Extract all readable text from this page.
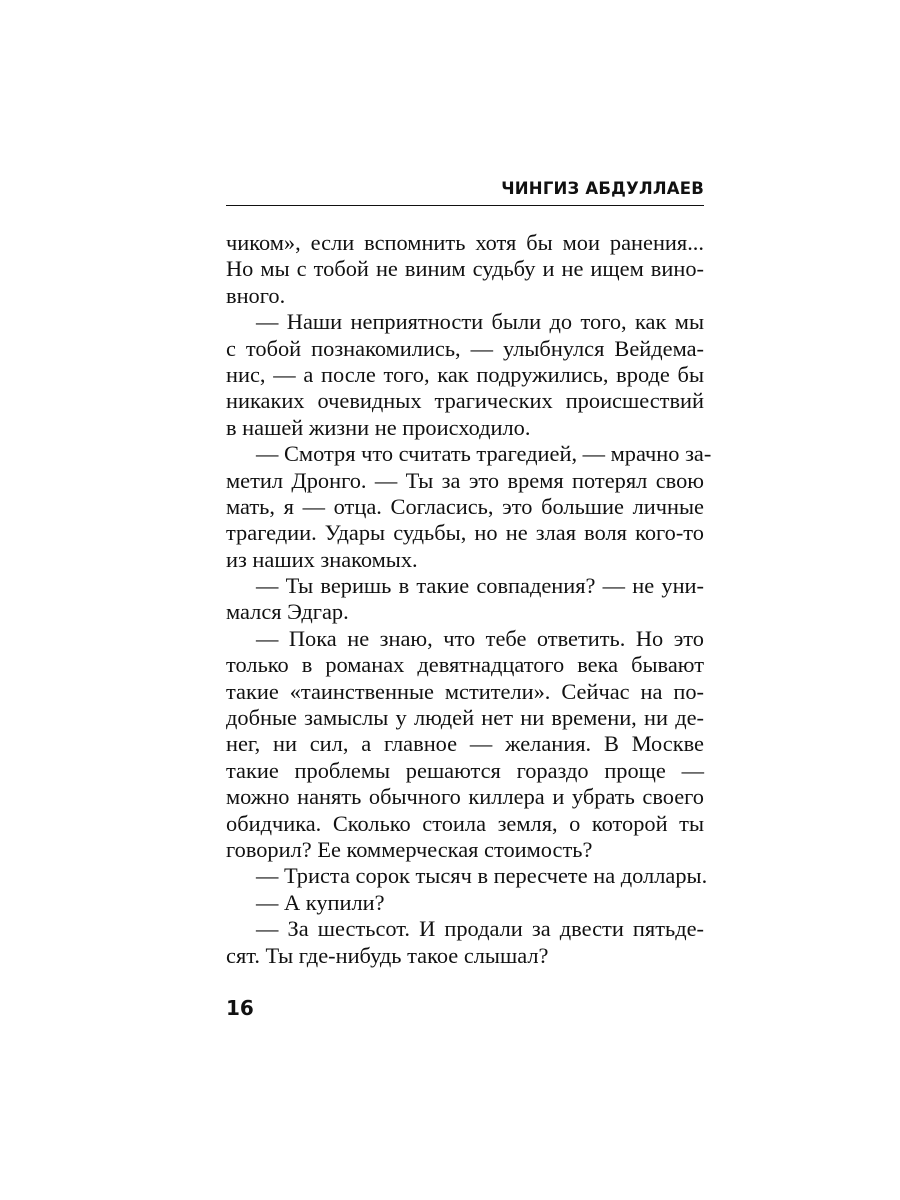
ЧИНГИЗ АБДУЛЛАЕВ
чиком», если вспомнить хотя бы мои ранения...
Но мы с тобой не виним судьбу и не ищем вино-
вного.
— Наши неприятности были до того, как мы
с тобой познакомились, — улыбнулся Вейдема-
нис, — а после того, как подружились, вроде бы
никаких очевидных трагических происшествий
в нашей жизни не происходило.
— Смотря что считать трагедией, — мрачно за-
метил Дронго. — Ты за это время потерял свою
мать, я — отца. Согласись, это большие личные
трагедии. Удары судьбы, но не злая воля кого-то
из наших знакомых.
— Ты веришь в такие совпадения? — не уни-
мался Эдгар.
— Пока не знаю, что тебе ответить. Но это
только в романах девятнадцатого века бывают
такие «таинственные мстители». Сейчас на по-
добные замыслы у людей нет ни времени, ни де-
нег, ни сил, а главное — желания. В Москве
такие проблемы решаются гораздо проще —
можно нанять обычного киллера и убрать своего
обидчика. Сколько стоила земля, о которой ты
говорил? Ее коммерческая стоимость?
— Триста сорок тысяч в пересчете на доллары.
— А купили?
— За шестьсот. И продали за двести пятьде-
сят. Ты где-нибудь такое слышал?
16
